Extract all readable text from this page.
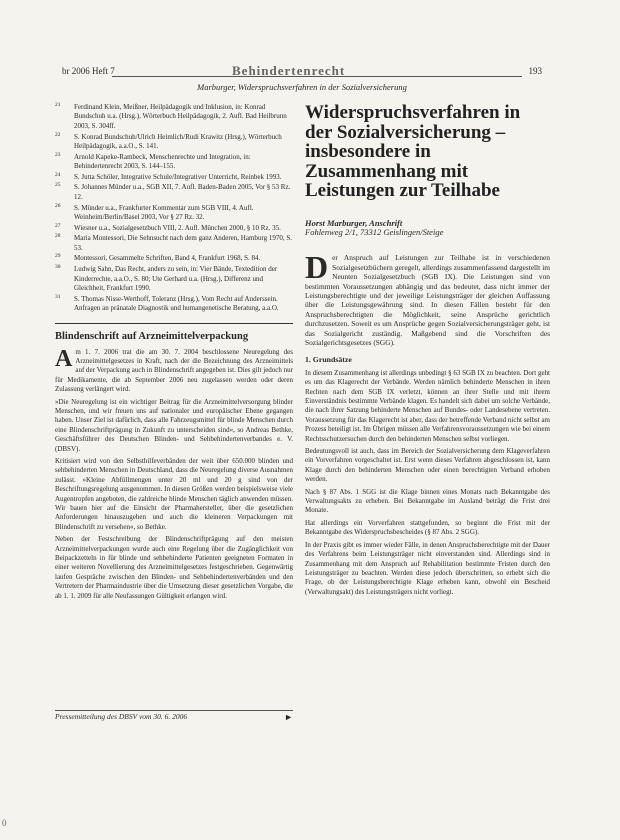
br 2006 Heft 7	Behindertenrecht	193
Marburger, Widerspruchsverfahren in der Sozialversicherung
21 Ferdinand Klein, Meißner, Heilpädagogik und Inklusion, in: Konrad Bundschuh u.a. (Hrsg.), Wörterbuch Heilpädagogik, 2. Aufl. Bad Heilbrunn 2003, S. 304ff.
22 S. Konrad Bundschuh/Ulrich Heimlich/Rudi Krawitz (Hrsg.), Wörterbuch Heilpädagogik, a.a.O., S. 141.
23 Arnold Kapeke-Rambeck, Menschenrechte und Integration, in: Behindertenrecht 2003, S. 144–155.
24 S. Jutta Schöler, Integrative Schule/Integrativer Unterricht, Reinbek 1993.
25 S. Johannes Münder u.a., SGB XII, 7. Aufl. Baden-Baden 2005, Vor § 53 Rz. 12.
26 S. Münder u.a., Frankfurter Kommentar zum SGB VIII, 4. Aufl. Weinheim/Berlin/Basel 2003, Vor § 27 Rz. 32.
27 Wiesner u.a., Sozialgesetzbuch VIII, 2. Aufl. München 2000, § 10 Rz. 35.
28 Maria Montessori, Die Sehnsucht nach dem ganz Anderen, Hamburg 1970, S. 53.
29 Montessori, Gesammelte Schriften, Band 4, Frankfurt 1968, S. 84.
30 Ludwig Sahn, Das Recht, anders zu sein, in: Vier Bände, Textedition der Kinderrechte, a.a.O., S. 80; Ute Gerhard u.a. (Hrsg.), Differenz und Gleichheit, Frankfurt 1990.
31 S. Thomas Nisse-Werthoff, Toleranz (Hrsg.), Vom Recht auf Anderssein. Anfragen an pränatale Diagnostik und humangenetische Beratung, a.a.O.
Blindenschrift auf Arzneimittelverpackung

Am 1. 7. 2006 trat die am 30. 7. 2004 beschlossene Neuregelung des Arzneimittelgesetzes in Kraft, nach der die Bezeichnung des Arzneimittels auf der Verpackung auch in Blindenschrift angegeben ist. Dies gilt jedoch nur für Medikamente, die ab September 2006 neu zugelassen werden oder deren Zulassung verlängert wird.

»Die Neuregelung ist ein wichtiger Beitrag für die Arzneimittelversorgung blinder Menschen, und wir freuen uns auf nationaler und europäischer Ebene gegangen haben. Unser Ziel ist dafürlich, dass alle Fahrzeugsmittel für blinde Menschen durch eine Blindenschriftprägung in Zukunft zu unterscheiden sind«, so Andreas Bethke, Geschäftsführer des Deutschen Blinden- und Sehbehindertenverbandes e. V. (DBSV).

Kritisiert wird von den Selbsthilfeverbänden der weit über 650.000 blinden und sehbehinderten Menschen in Deutschland, dass die Neuregelung diverse Ausnahmen zulässt. »Kleine Abfüllmengen unter 20 ml und 20 g sind von der Beschriftungsregelung ausgenommen. In diesen Größen werden beispielsweise viele Augentropfen angeboten, die zahlreiche blinde Menschen täglich anwenden müssen. Wir bauen hier auf die Einsicht der Pharmahersteller, über die gesetzlichen Anforderungen hinauszugehen und auch die kleineren Verpackungen mit Blindenschrift zu versehen«, so Bethke.

Neben der Festschreibung der Blindenschriftprägung auf den meisten Arzneimittelverpackungen wurde auch eine Regelung über die Zugänglichkeit von Beipackzetteln in für blinde und sehbehinderte Patienten geeigneten Formaten in einer weiteren Novellierung des Arzneimittelgesetzes festgeschrieben. Gegenwärtig laufen Gespräche zwischen den Blinden- und Sehbehindertenverbänden und den Vertretern der Pharmaindustrie über die Umsetzung dieser gesetzlichen Vorgabe, die ab 1. 1. 2009 für alle Neufassungen Gültigkeit erlangen wird.

Pressemitteilung des DBSV vom 30. 6. 2006	►
Widerspruchsverfahren in der Sozialversicherung – insbesondere in Zusammenhang mit Leistungen zur Teilhabe
Horst Marburger, Anschrift
Fohlenweg 2/1, 73312 Geislingen/Steige

Der Anspruch auf Leistungen zur Teilhabe ist in verschiedenen Sozialgesetzbüchern geregelt, allerdings zusammenfassend dargestellt im Neunten Sozialgesetzbuch (SGB IX). Die Leistungen sind von bestimmten Voraussetzungen abhängig und das bedeutet, dass nicht immer der Leistungsberechtigte und der jeweilige Leistungsträger der gleichen Auffassung über die Leistungsgewährung sind. In diesen Fällen besteht für den Anspruchsberechtigten die Möglichkeit, seine Ansprüche gerichtlich durchzusetzen. Soweit es um Ansprüche gegen Sozialversicherungsträger geht, ist das Sozialgericht zuständig. Maßgebend sind die Vorschriften des Sozialgerichtsgesetzes (SGG).

1. Grundsätze

In diesem Zusammenhang ist allerdings unbedingt § 63 SGB IX zu beachten. Dort geht es um das Klagerecht der Verbände. Werden nämlich behinderte Menschen in ihren Rechten nach dem SGB IX verletzt, können an ihrer Stelle und mit ihrem Einverständnis bestimmte Verbände klagen. Es handelt sich dabei um solche Verbände, die nach ihrer Satzung behinderte Menschen auf Bundes- oder Landesebene vertreten. Voraussetzung für das Klagerecht ist aber, dass der betreffende Verband nicht selbst am Prozess beteiligt ist. Im Übrigen müssen alle Verfahrensvoraussetzungen wie bei einem Rechtsschutzersuchen durch den behinderten Menschen selbst vorliegen.

Bedeutungsvoll ist auch, dass im Bereich der Sozialversicherung dem Klageverfahren ein Vorverfahren vorgeschaltet ist. Erst wenn dieses Verfahren abgeschlossen ist, kann Klage durch den behinderten Menschen oder einen berechtigten Verband erhoben werden.

Nach § 87 Abs. 1 SGG ist die Klage binnen eines Monats nach Bekanntgabe des Verwaltungsakts zu erheben. Bei Bekanntgabe im Ausland beträgt die Frist drei Monate.

Hat allerdings ein Vorverfahren stattgefunden, so beginnt die Frist mit der Bekanntgabe des Widerspruchsbescheides (§ 87 Abs. 2 SGG).

In der Praxis gibt es immer wieder Fälle, in denen Anspruchsberechtigte mit der Dauer des Verfahrens beim Leistungsträger nicht einverstanden sind. Allerdings sind in Zusammenhang mit dem Anspruch auf Rehabilitation bestimmte Fristen durch den Leistungsträger zu beachten. Werden diese jedoch überschritten, so erhebt sich die Frage, ob der Leistungsberechtigte Klage erheben kann, obwohl ein Bescheid (Verwaltungsakt) des Leistungsträgers nicht vorliegt.

0
